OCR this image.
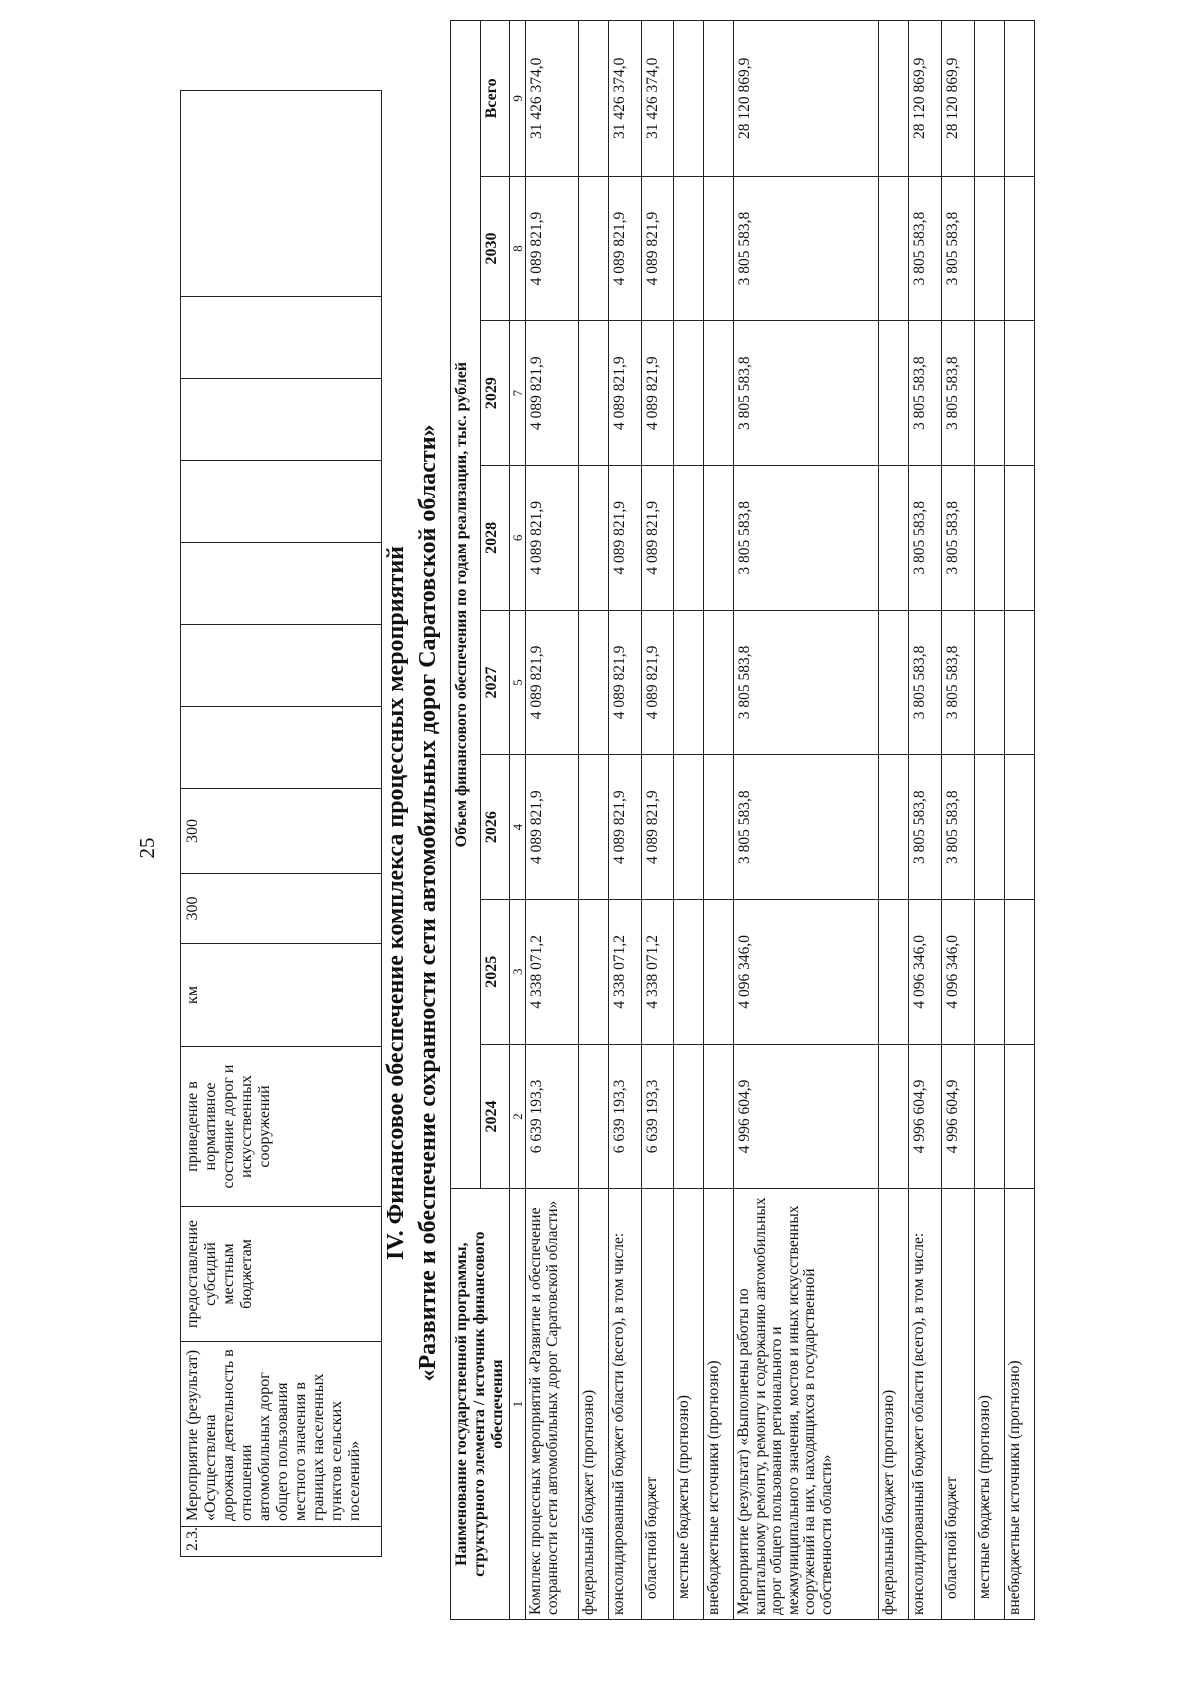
25
2.3.	Мероприятие (результат) «Осуществлена дорожная деятельность в отношении автомобильных дорог общего пользования местного значения в границах населенных пунктов сельских поселений»	предоставление субсидий местным бюджетам	приведение в нормативное состояние дорог и искусственных сооружений	км	300	300								IV. Финансовое обеспечение комплекса процессных мероприятий «Развитие и обеспечение сохранности сети автомобильных дорог Саратовской области»
Наименование государственной программы, структурного элемента / источник финансового обеспечения	Объем финансового обеспечения по годам реализации, тыс. рублей							
	2024	2025	2026	2027	2028	2029	2030	Всего
1	2	3	4	5	6	7	8	9
Комплекс процессных мероприятий «Развитие и обеспечение сохранности сети автомобильных дорог Саратовской области»	6 639 193,3	4 338 071,2	4 089 821,9	4 089 821,9	4 089 821,9	4 089 821,9	4 089 821,9	31 426 374,0
федеральный бюджет (прогнозно)								
консолидированный бюджет области (всего), в том числе:	6 639 193,3	4 338 071,2	4 089 821,9	4 089 821,9	4 089 821,9	4 089 821,9	4 089 821,9	31 426 374,0
областной бюджет	6 639 193,3	4 338 071,2	4 089 821,9	4 089 821,9	4 089 821,9	4 089 821,9	4 089 821,9	31 426 374,0
местные бюджеты (прогнозно)								
внебюджетные источники (прогнозно)								
Мероприятие (результат) «Выполнены работы по капитальному ремонту, ремонту и содержанию автомобильных дорог общего пользования регионального и межмуниципального значения, мостов и иных искусственных сооружений на них, находящихся в государственной собственности области»	4 996 604,9	4 096 346,0	3 805 583,8	3 805 583,8	3 805 583,8	3 805 583,8	3 805 583,8	28 120 869,9
федеральный бюджет (прогнозно)								
консолидированный бюджет области (всего), в том числе:	4 996 604,9	4 096 346,0	3 805 583,8	3 805 583,8	3 805 583,8	3 805 583,8	3 805 583,8	28 120 869,9
областной бюджет	4 996 604,9	4 096 346,0	3 805 583,8	3 805 583,8	3 805 583,8	3 805 583,8	3 805 583,8	28 120 869,9
местные бюджеты (прогнозно)								
внебюджетные источники (прогнозно)								
